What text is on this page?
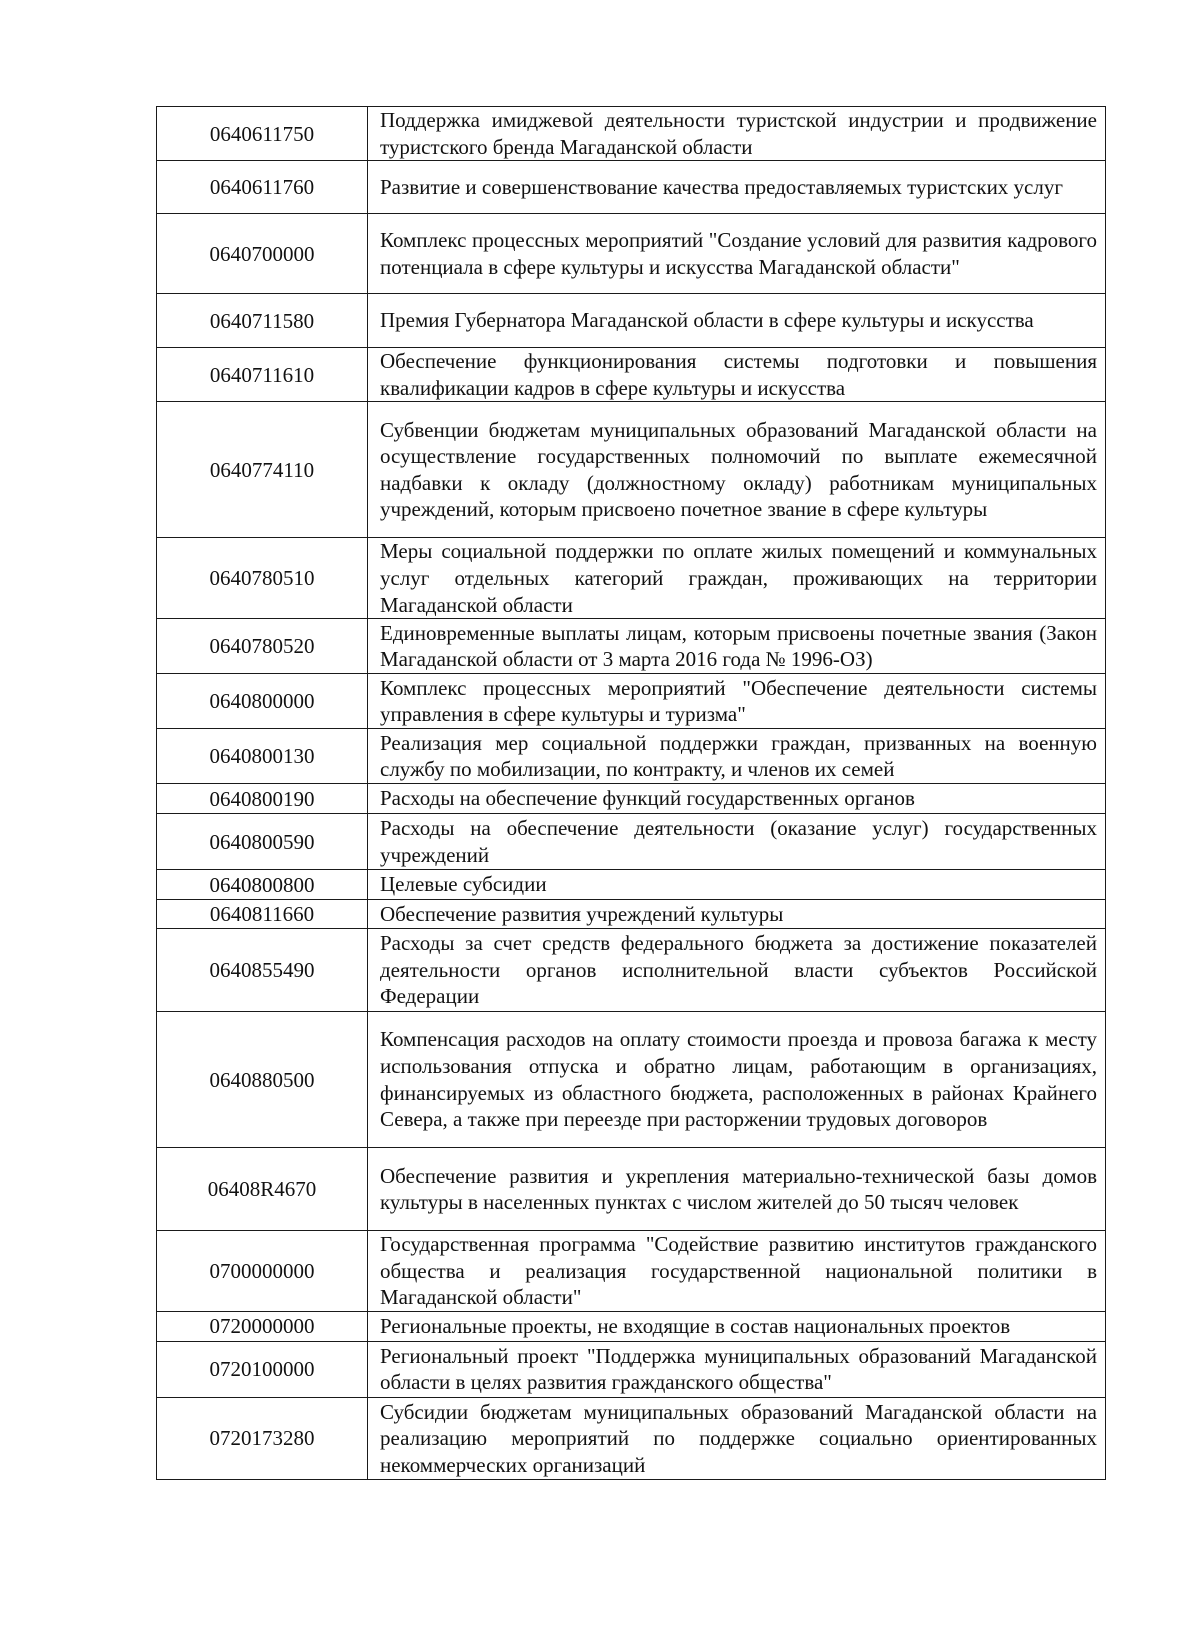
0640611750	Поддержка имиджевой деятельности туристской индустрии и продвижение туристского бренда Магаданской области
0640611760	Развитие и совершенствование качества предоставляемых туристских услуг
0640700000	Комплекс процессных мероприятий "Создание условий для развития кадрового потенциала в сфере культуры и искусства Магаданской области"
0640711580	Премия Губернатора Магаданской области в сфере культуры и искусства
0640711610	Обеспечение функционирования системы подготовки и повышения квалификации кадров в сфере культуры и искусства
0640774110	Субвенции бюджетам муниципальных образований Магаданской области на осуществление государственных полномочий по выплате ежемесячной надбавки к окладу (должностному окладу) работникам муниципальных учреждений, которым присвоено почетное звание в сфере культуры
0640780510	Меры социальной поддержки по оплате жилых помещений и коммунальных услуг отдельных категорий граждан, проживающих на территории Магаданской области
0640780520	Единовременные выплаты лицам, которым присвоены почетные звания (Закон Магаданской области от 3 марта 2016 года № 1996-ОЗ)
0640800000	Комплекс процессных мероприятий "Обеспечение деятельности системы управления в сфере культуры и туризма"
0640800130	Реализация мер социальной поддержки граждан, призванных на военную службу по мобилизации, по контракту, и членов их семей
0640800190	Расходы на обеспечение функций государственных органов
0640800590	Расходы на обеспечение деятельности (оказание услуг) государственных учреждений
0640800800	Целевые субсидии
0640811660	Обеспечение развития учреждений культуры
0640855490	Расходы за счет средств федерального бюджета за достижение показателей деятельности органов исполнительной власти субъектов Российской Федерации
0640880500	Компенсация расходов на оплату стоимости проезда и провоза багажа к месту использования отпуска и обратно лицам, работающим в организациях, финансируемых из областного бюджета, расположенных в районах Крайнего Севера, а также при переезде при расторжении трудовых договоров
06408R4670	Обеспечение развития и укрепления материально-технической базы домов культуры в населенных пунктах с числом жителей до 50 тысяч человек
0700000000	Государственная программа "Содействие развитию институтов гражданского общества и реализация государственной национальной политики в Магаданской области"
0720000000	Региональные проекты, не входящие в состав национальных проектов
0720100000	Региональный проект "Поддержка муниципальных образований Магаданской области в целях развития гражданского общества"
0720173280	Субсидии бюджетам муниципальных образований Магаданской области на реализацию мероприятий по поддержке социально ориентированных некоммерческих организаций
